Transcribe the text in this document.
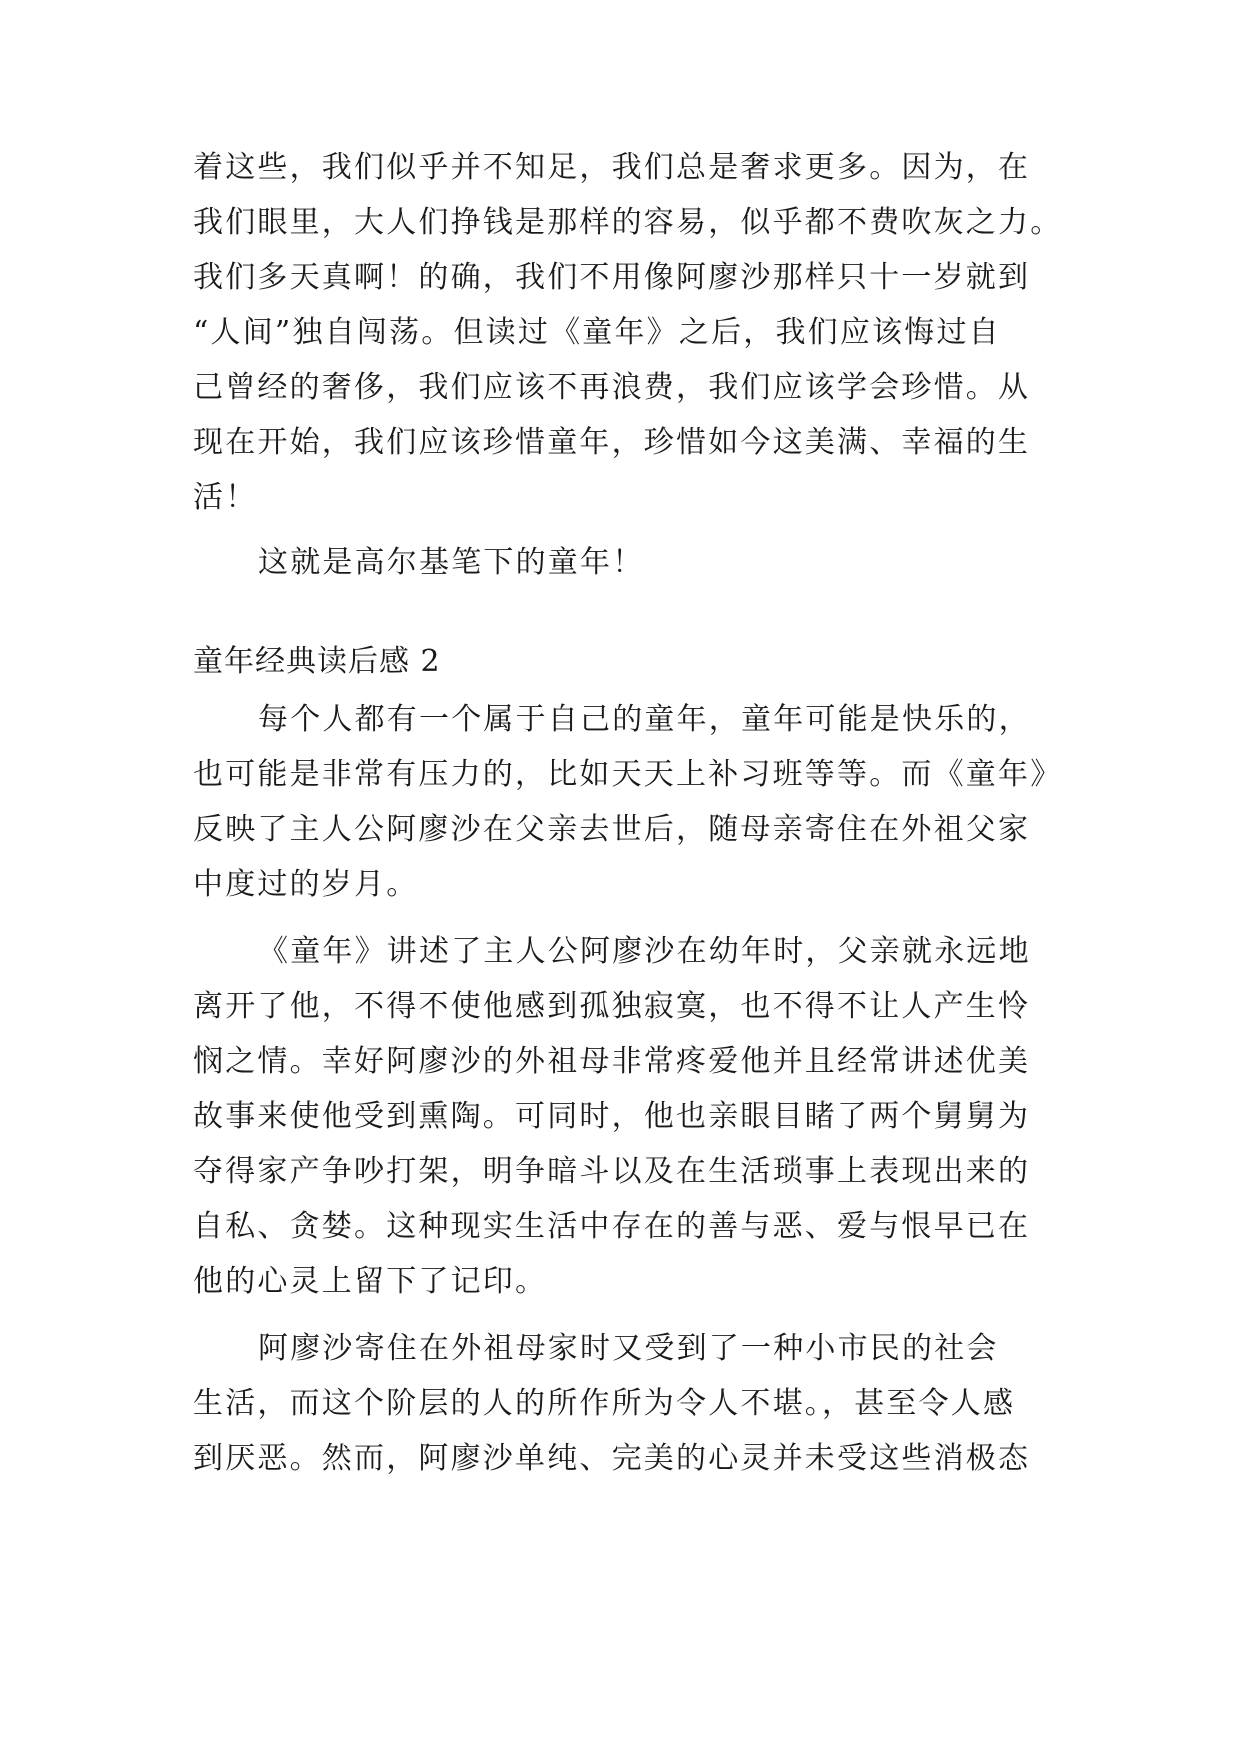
着这些，我们似乎并不知足，我们总是奢求更多。因为，在
我们眼里，大人们挣钱是那样的容易，似乎都不费吹灰之力。
我们多天真啊！的确，我们不用像阿廖沙那样只十一岁就到
“人间”独自闯荡。但读过《童年》之后，我们应该悔过自
己曾经的奢侈，我们应该不再浪费，我们应该学会珍惜。从
现在开始，我们应该珍惜童年，珍惜如今这美满、幸福的生
活！
这就是高尔基笔下的童年！
童年经典读后感 2
每个人都有一个属于自己的童年，童年可能是快乐的，
也可能是非常有压力的，比如天天上补习班等等。而《童年》
反映了主人公阿廖沙在父亲去世后，随母亲寄住在外祖父家
中度过的岁月。
《童年》讲述了主人公阿廖沙在幼年时，父亲就永远地
离开了他，不得不使他感到孤独寂寞，也不得不让人产生怜
悯之情。幸好阿廖沙的外祖母非常疼爱他并且经常讲述优美
故事来使他受到熏陶。可同时，他也亲眼目睹了两个舅舅为
夺得家产争吵打架，明争暗斗以及在生活琐事上表现出来的
自私、贪婪。这种现实生活中存在的善与恶、爱与恨早已在
他的心灵上留下了记印。
阿廖沙寄住在外祖母家时又受到了一种小市民的社会
生活，而这个阶层的人的所作所为令人不堪。，甚至令人感
到厌恶。然而，阿廖沙单纯、完美的心灵并未受这些消极态
